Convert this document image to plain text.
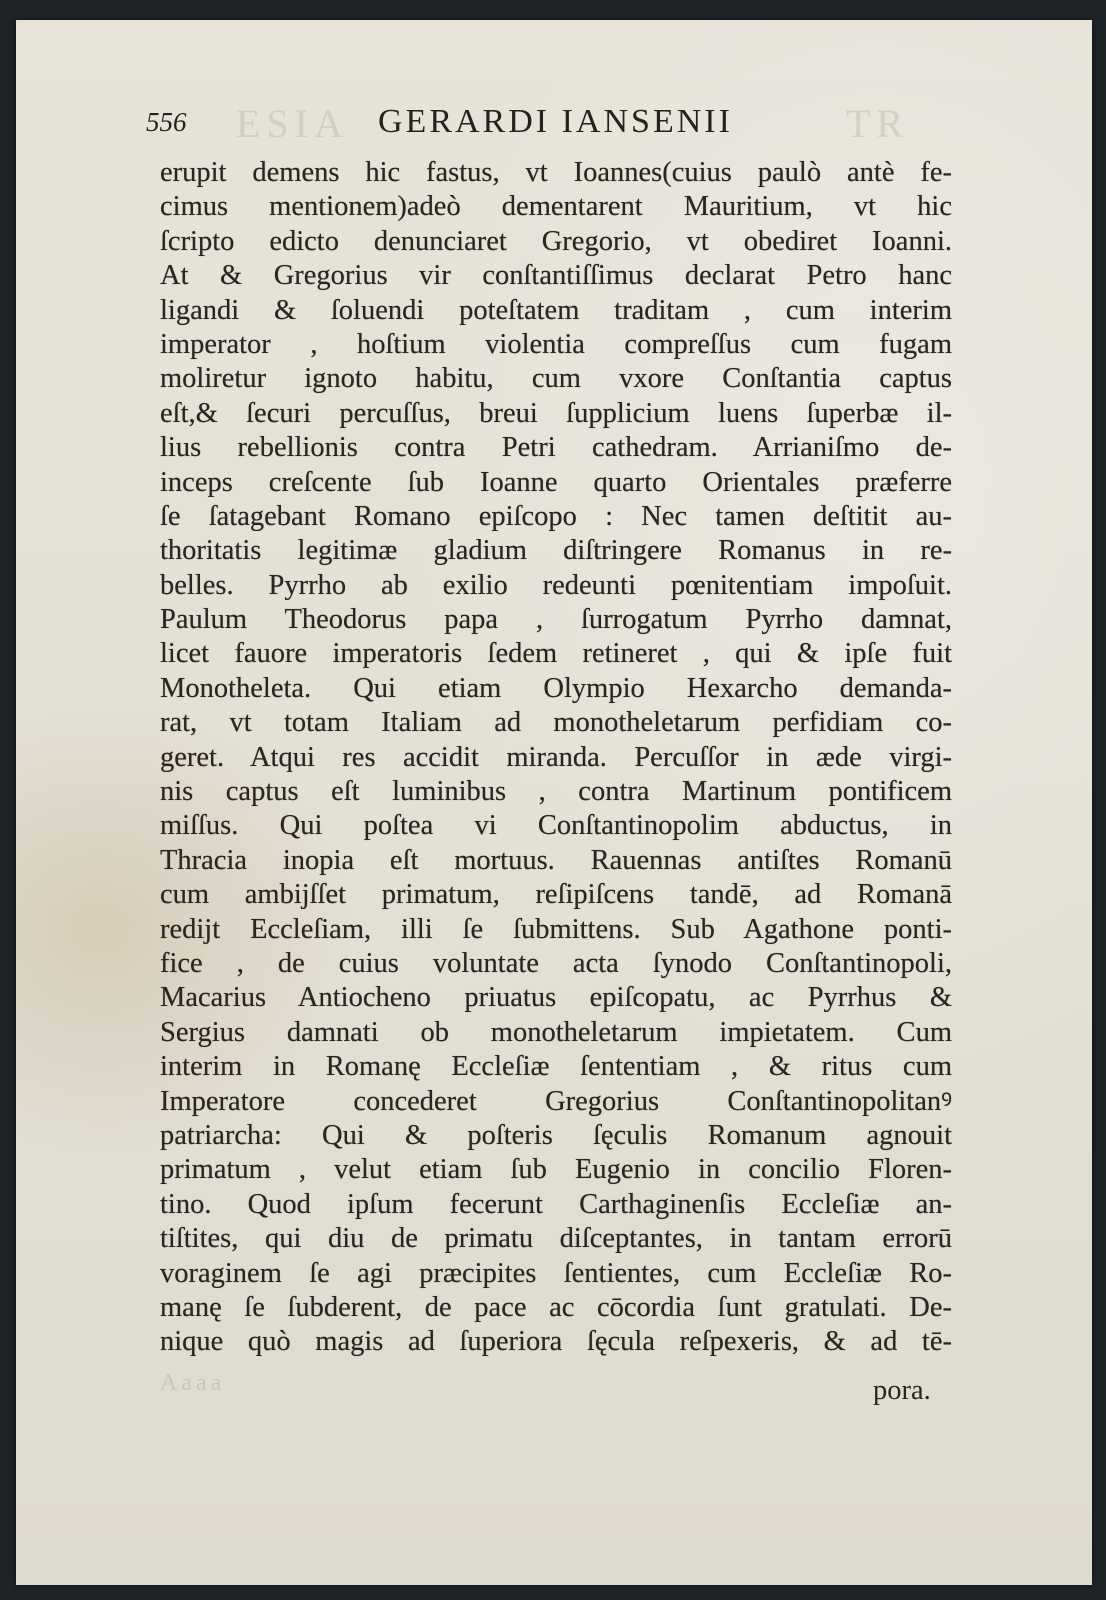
TR
ESIA
556	GERARDI IANSENII
erupit demens hic fastus, vt Ioannes(cuius paulò antè fe-
cimus mentionem)adeò dementarent Mauritium, vt hic
ſcripto edicto denunciaret Gregorio, vt obediret Ioanni.
At & Gregorius vir conſtantiſſimus declarat Petro hanc
ligandi & ſoluendi poteſtatem traditam , cum interim
imperator , hoſtium violentia compreſſus cum fugam
moliretur ignoto habitu, cum vxore Conſtantia captus
eſt,& ſecuri percuſſus, breui ſupplicium luens ſuperbæ il-
lius rebellionis contra Petri cathedram. Arrianiſmo de-
inceps creſcente ſub Ioanne quarto Orientales præferre
ſe ſatagebant Romano epiſcopo : Nec tamen deſtitit au-
thoritatis legitimæ gladium diſtringere Romanus in re-
belles. Pyrrho ab exilio redeunti pœnitentiam impoſuit.
Paulum Theodorus papa , ſurrogatum Pyrrho damnat,
licet fauore imperatoris ſedem retineret , qui & ipſe fuit
Monotheleta. Qui etiam Olympio Hexarcho demanda-
rat, vt totam Italiam ad monotheletarum perfidiam co-
geret. Atqui res accidit miranda. Percuſſor in æde virgi-
nis captus eſt luminibus , contra Martinum pontificem
miſſus. Qui poſtea vi Conſtantinopolim abductus, in
Thracia inopia eſt mortuus. Rauennas antiſtes Romanū
cum ambijſſet primatum, reſipiſcens tandē, ad Romanā
redijt Eccleſiam, illi ſe ſubmittens. Sub Agathone ponti-
fice , de cuius voluntate acta ſynodo Conſtantinopoli,
Macarius Antiocheno priuatus epiſcopatu, ac Pyrrhus &
Sergius damnati ob monotheletarum impietatem. Cum
interim in Romanę Eccleſiæ ſententiam , & ritus cum
Imperatore concederet Gregorius Conſtantinopolitanꝰ
patriarcha: Qui & poſteris ſęculis Romanum agnouit
primatum , velut etiam ſub Eugenio in concilio Floren-
tino. Quod ipſum fecerunt Carthaginenſis Eccleſiæ an-
tiſtites, qui diu de primatu diſceptantes, in tantam errorū
voraginem ſe agi præcipites ſentientes, cum Eccleſiæ Ro-
manę ſe ſubderent, de pace ac cōcordia ſunt gratulati. De-
nique quò magis ad ſuperiora ſęcula reſpexeris, & ad tē-
Aaaa	pora.
